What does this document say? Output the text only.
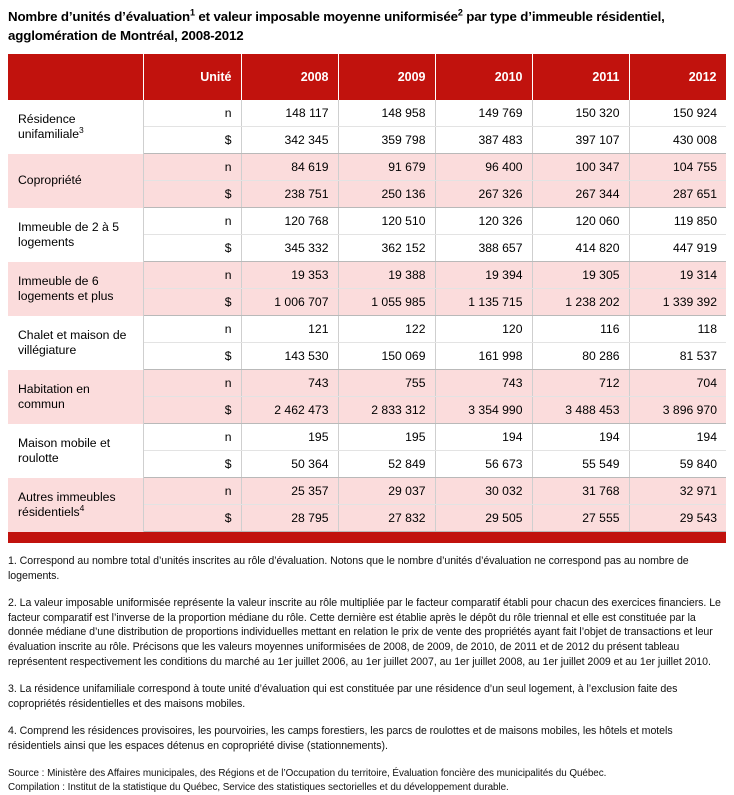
Nombre d’unités d’évaluation$^1$ et valeur imposable moyenne uniformisée$^2$ par type d’immeuble résidentiel, agglomération de Montréal, 2008-2012
	Unité	2008	2009	2010	2011	2012
Résidence unifamiliale$^3$	n	148 117	148 958	149 769	150 320	150 924
	$	342 345	359 798	387 483	397 107	430 008
Copropriété	n	84 619	91 679	96 400	100 347	104 755
	$	238 751	250 136	267 326	267 344	287 651
Immeuble de 2 à 5 logements	n	120 768	120 510	120 326	120 060	119 850
	$	345 332	362 152	388 657	414 820	447 919
Immeuble de 6 logements et plus	n	19 353	19 388	19 394	19 305	19 314
	$	1 006 707	1 055 985	1 135 715	1 238 202	1 339 392
Chalet et maison de villégiature	n	121	122	120	116	118
	$	143 530	150 069	161 998	80 286	81 537
Habitation en commun	n	743	755	743	712	704
	$	2 462 473	2 833 312	3 354 990	3 488 453	3 896 970
Maison mobile et roulotte	n	195	195	194	194	194
	$	50 364	52 849	56 673	55 549	59 840
Autres immeubles résidentiels$^4$	n	25 357	29 037	30 032	31 768	32 971
	$	28 795	27 832	29 505	27 555	29 543

1. Correspond au nombre total d’unités inscrites au rôle d’évaluation. Notons que le nombre d’unités d’évaluation ne correspond pas au nombre de logements.

2. La valeur imposable uniformisée représente la valeur inscrite au rôle multipliée par le facteur comparatif établi pour chacun des exercices financiers. Le facteur comparatif est l’inverse de la proportion médiane du rôle. Cette dernière est établie après le dépôt du rôle triennal et elle est constituée par la donnée médiane d’une distribution de proportions individuelles mettant en relation le prix de vente des propriétés ayant fait l’objet de transactions et leur évaluation inscrite au rôle. Précisons que les valeurs moyennes uniformisées de 2008, de 2009, de 2010, de 2011 et de 2012 du présent tableau représentent respectivement les conditions du marché au 1er juillet 2006, au 1er juillet 2007, au 1er juillet 2008, au 1er juillet 2009 et au 1er juillet 2010.

3. La résidence unifamiliale correspond à toute unité d’évaluation qui est constituée par une résidence d’un seul logement, à l’exclusion faite des copropriétés résidentielles et des maisons mobiles.

4. Comprend les résidences provisoires, les pourvoiries, les camps forestiers, les parcs de roulottes et de maisons mobiles, les hôtels et motels résidentiels ainsi que les espaces détenus en copropriété divise (stationnements).

Source : Ministère des Affaires municipales, des Régions et de l’Occupation du territoire, Évaluation foncière des municipalités du Québec.
Compilation : Institut de la statistique du Québec, Service des statistiques sectorielles et du développement durable.
